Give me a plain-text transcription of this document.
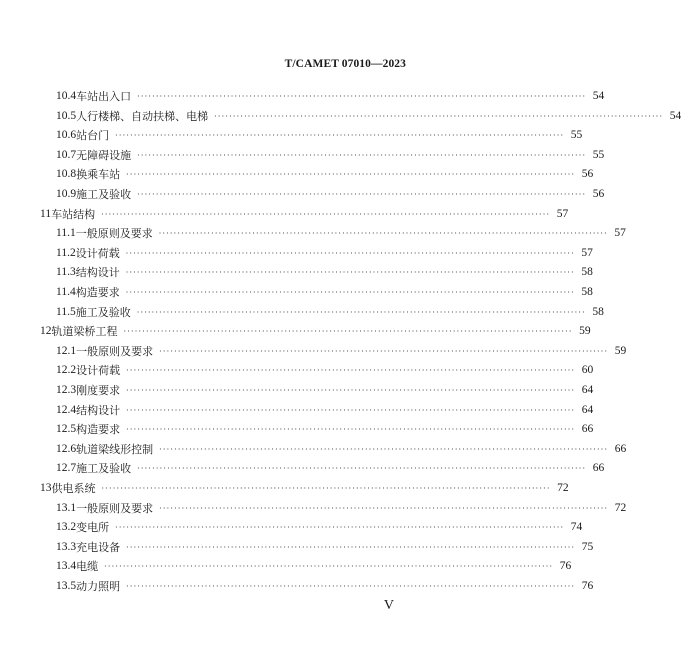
T/CAMET 07010—2023
10.4 车站出入口 ························································································································ 54
10.5 人行楼梯、自动扶梯、电梯 ························································································································ 54
10.6 站台门 ························································································································ 55
10.7 无障碍设施 ························································································································ 55
10.8 换乘车站 ························································································································ 56
10.9 施工及验收 ························································································································ 56
11 车站结构 ························································································································ 57
11.1 一般原则及要求 ························································································································ 57
11.2 设计荷载 ························································································································ 57
11.3 结构设计 ························································································································ 58
11.4 构造要求 ························································································································ 58
11.5 施工及验收 ························································································································ 58
12 轨道梁桥工程 ························································································································ 59
12.1 一般原则及要求 ························································································································ 59
12.2 设计荷载 ························································································································ 60
12.3 刚度要求 ························································································································ 64
12.4 结构设计 ························································································································ 64
12.5 构造要求 ························································································································ 66
12.6 轨道梁线形控制 ························································································································ 66
12.7 施工及验收 ························································································································ 66
13 供电系统 ························································································································ 72
13.1 一般原则及要求 ························································································································ 72
13.2 变电所 ························································································································ 74
13.3 充电设备 ························································································································ 75
13.4 电缆 ························································································································ 76
13.5 动力照明 ························································································································ 76
V
